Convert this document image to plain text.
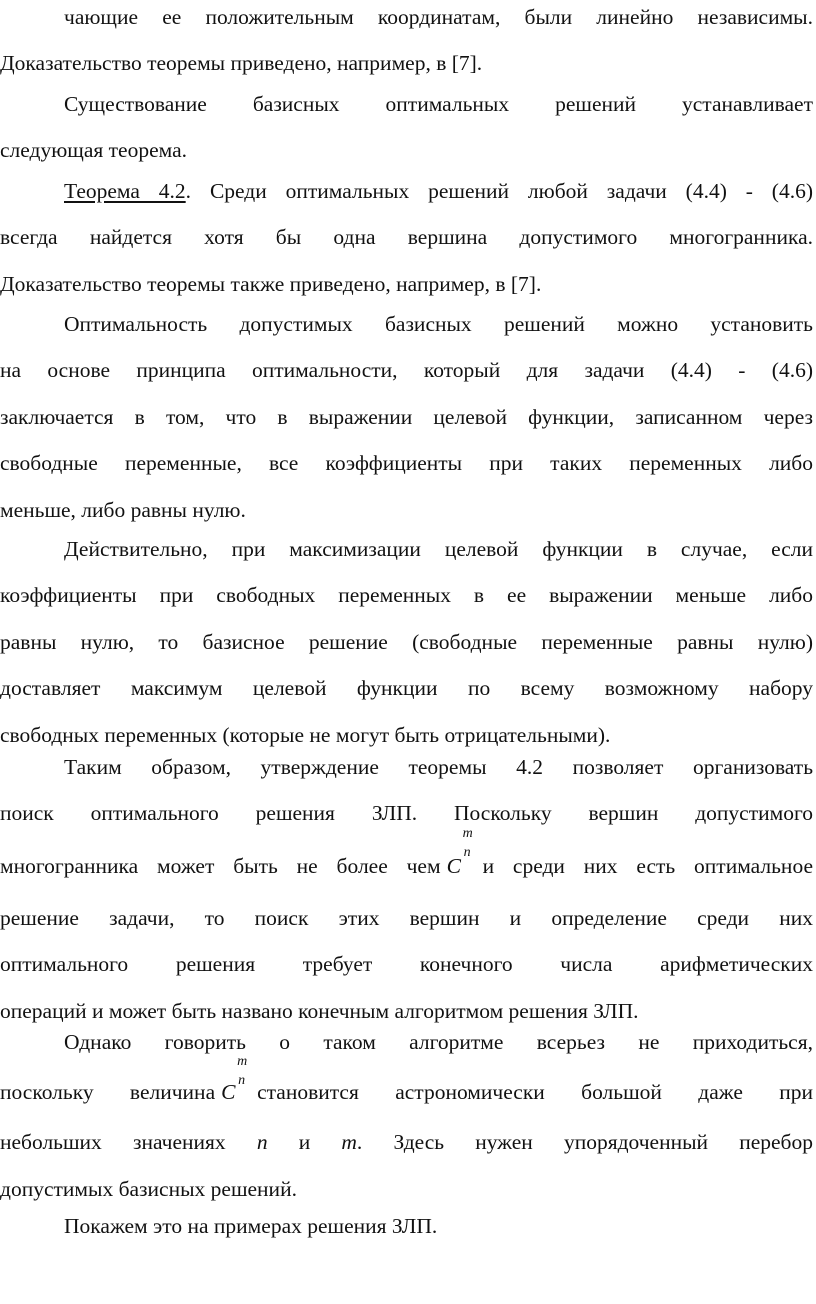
чающие ее положительным координатам, были линейно независимы.
Доказательство теоремы приведено, например, в [7].
Существование базисных оптимальных решений устанавливает
следующая теорема.
Теорема 4.2. Среди оптимальных решений любой задачи (4.4) - (4.6)
всегда найдется хотя бы одна вершина допустимого многогранника.
Доказательство теоремы также приведено, например, в [7].
Оптимальность допустимых базисных решений можно установить
на основе принципа оптимальности, который для задачи (4.4) - (4.6)
заключается в том, что в выражении целевой функции, записанном через
свободные переменные, все коэффициенты при таких переменных либо
меньше, либо равны нулю.
Действительно, при максимизации целевой функции в случае, если
коэффициенты при свободных переменных в ее выражении меньше либо
равны нулю, то базисное решение (свободные переменные равны нулю)
доставляет максимум целевой функции по всему возможному набору
свободных переменных (которые не могут быть отрицательными).
Таким образом, утверждение теоремы 4.2 позволяет организовать
поиск оптимального решения ЗЛП. Поскольку вершин допустимого
многогранника может быть не более чем C
m
n
и среди них есть оптимальное
решение задачи, то поиск этих вершин и определение среди них
оптимального решения требует конечного числа арифметических
операций и может быть названо конечным алгоритмом решения ЗЛП.
Однако говорить о таком алгоритме всерьез не приходиться,
поскольку величина C
m
n становится астрономически большой даже при
небольших значениях n и m. Здесь нужен упорядоченный перебор
допустимых базисных решений.
Покажем это на примерах решения ЗЛП.
